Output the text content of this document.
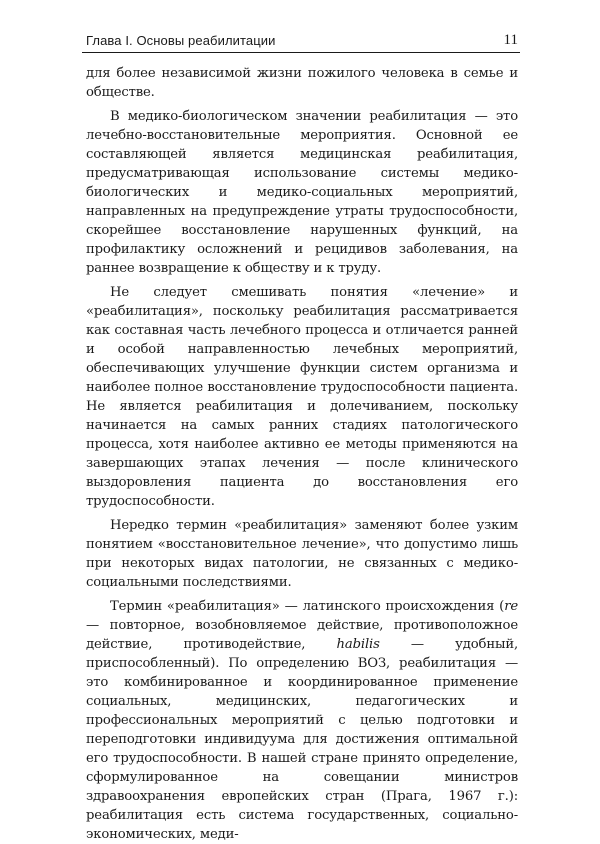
Глава I. Основы реабилитации	11

для более независимой жизни пожилого человека в семье и обществе.

В медико-биологическом значении реабилитация — это лечебно-восстановительные мероприятия. Основной ее составляющей является медицинская реабилитация, предусматривающая использование системы медико-биологических и медико-социальных мероприятий, направленных на предупреждение утраты трудоспособности, скорейшее восстановление нарушенных функций, на профилактику осложнений и рецидивов заболевания, на раннее возвращение к обществу и к труду.

Не следует смешивать понятия «лечение» и «реабилитация», поскольку реабилитация рассматривается как составная часть лечебного процесса и отличается ранней и особой направленностью лечебных мероприятий, обеспечивающих улучшение функции систем организма и наиболее полное восстановление трудоспособности пациента. Не является реабилитация и долечиванием, поскольку начинается на самых ранних стадиях патологического процесса, хотя наиболее активно ее методы применяются на завершающих этапах лечения — после клинического выздоровления пациента до восстановления его трудоспособности.

Нередко термин «реабилитация» заменяют более узким понятием «восстановительное лечение», что допустимо лишь при некоторых видах патологии, не связанных с медико-социальными последствиями.

Термин «реабилитация» — латинского происхождения (re — повторное, возобновляемое действие, противоположное действие, противодействие, habilis — удобный, приспособленный). По определению ВОЗ, реабилитация — это комбинированное и координированное применение социальных, медицинских, педагогических и профессиональных мероприятий с целью подготовки и переподготовки индивидуума для достижения оптимальной его трудоспособности. В нашей стране принято определение, сформулированное на совещании министров здравоохранения европейских стран (Прага, 1967 г.): реабилитация есть система государственных, социально-экономических, меди-
